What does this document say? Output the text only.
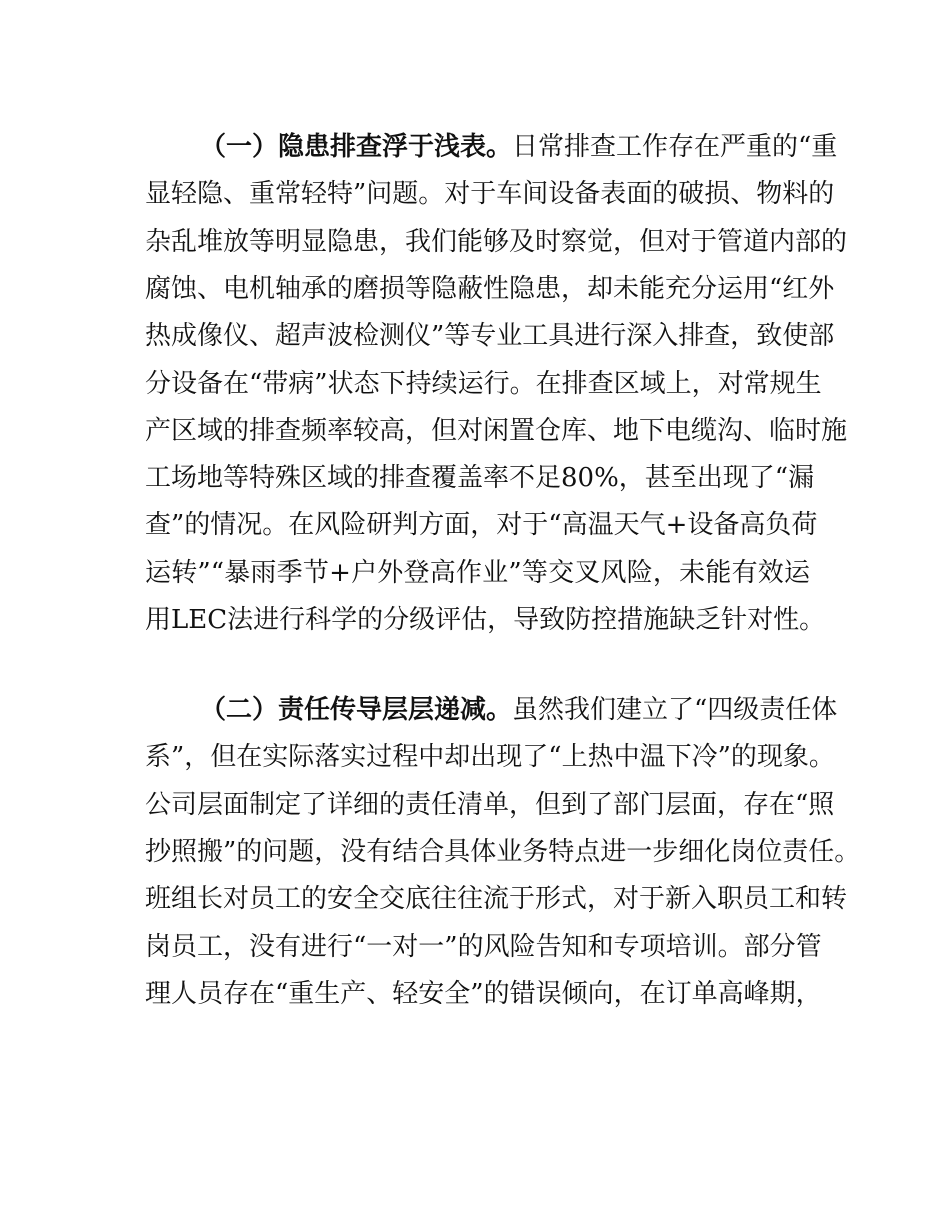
（一）隐患排查浮于浅表。日常排查工作存在严重的“重
显轻隐、重常轻特”问题。对于车间设备表面的破损、物料的
杂乱堆放等明显隐患，我们能够及时察觉，但对于管道内部的
腐蚀、电机轴承的磨损等隐蔽性隐患，却未能充分运用“红外
热成像仪、超声波检测仪”等专业工具进行深入排查，致使部
分设备在“带病”状态下持续运行。在排查区域上，对常规生
产区域的排查频率较高，但对闲置仓库、地下电缆沟、临时施
工场地等特殊区域的排查覆盖率不足80%，甚至出现了“漏
查”的情况。在风险研判方面，对于“高温天气+设备高负荷
运转”“暴雨季节+户外登高作业”等交叉风险，未能有效运
用LEC法进行科学的分级评估，导致防控措施缺乏针对性。
（二）责任传导层层递减。虽然我们建立了“四级责任体
系”，但在实际落实过程中却出现了“上热中温下冷”的现象。
公司层面制定了详细的责任清单，但到了部门层面，存在“照
抄照搬”的问题，没有结合具体业务特点进一步细化岗位责任。
班组长对员工的安全交底往往流于形式，对于新入职员工和转
岗员工，没有进行“一对一”的风险告知和专项培训。部分管
理人员存在“重生产、轻安全”的错误倾向，在订单高峰期，
